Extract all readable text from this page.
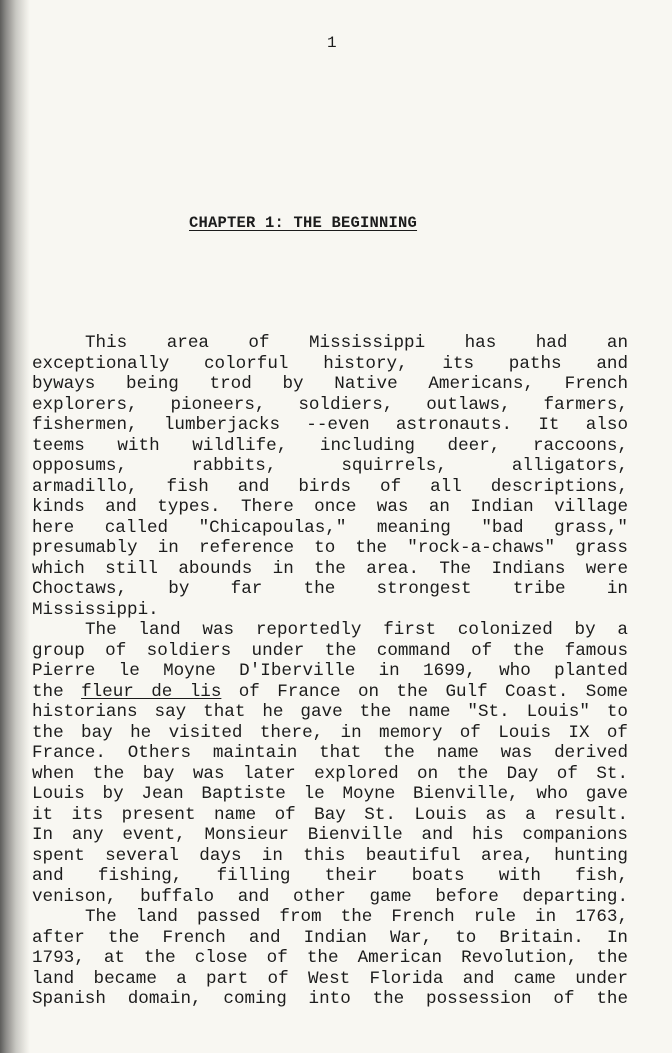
1
CHAPTER 1: THE BEGINNING
This area of Mississippi has had an
exceptionally colorful history, its paths and
byways being trod by Native Americans, French
explorers, pioneers, soldiers, outlaws, farmers,
fishermen, lumberjacks --even astronauts. It also
teems with wildlife, including deer, raccoons,
opposums, rabbits, squirrels, alligators,
armadillo, fish and birds of all descriptions,
kinds and types. There once was an Indian village
here called "Chicapoulas," meaning "bad grass,"
presumably in reference to the "rock-a-chaws" grass
which still abounds in the area. The Indians were
Choctaws, by far the strongest tribe in
Mississippi.
The land was reportedly first colonized by a
group of soldiers under the command of the famous
Pierre le Moyne D'Iberville in 1699, who planted
the fleur de lis of France on the Gulf Coast. Some
historians say that he gave the name "St. Louis" to
the bay he visited there, in memory of Louis IX of
France. Others maintain that the name was derived
when the bay was later explored on the Day of St.
Louis by Jean Baptiste le Moyne Bienville, who gave
it its present name of Bay St. Louis as a result.
In any event, Monsieur Bienville and his companions
spent several days in this beautiful area, hunting
and fishing, filling their boats with fish,
venison, buffalo and other game before departing.
The land passed from the French rule in 1763,
after the French and Indian War, to Britain. In
1793, at the close of the American Revolution, the
land became a part of West Florida and came under
Spanish domain, coming into the possession of the
